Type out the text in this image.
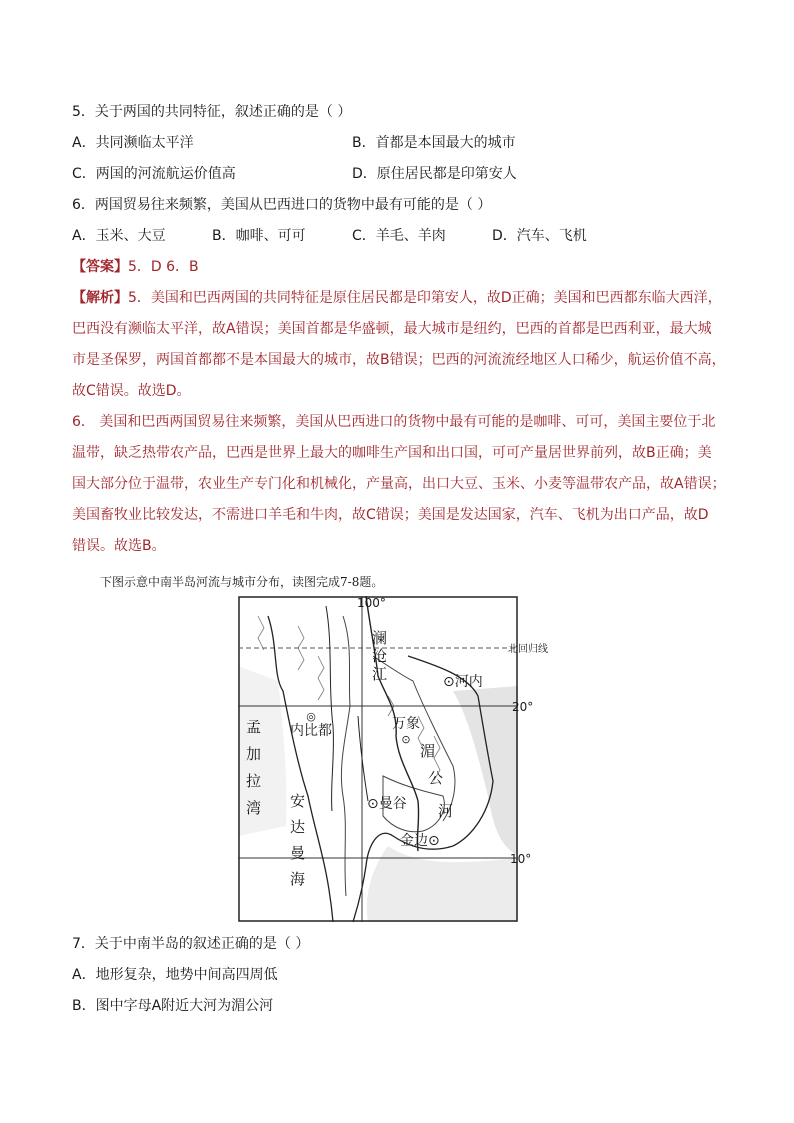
5．关于两国的共同特征，叙述正确的是（ ）
A．共同濒临太平洋	B．首都是本国最大的城市
C．两国的河流航运价值高	D．原住居民都是印第安人
6．两国贸易往来频繁，美国从巴西进口的货物中最有可能的是（ ）
A．玉米、大豆	B．咖啡、可可	C．羊毛、羊肉	D．汽车、飞机
【答案】5．D 6．B
【解析】5．美国和巴西两国的共同特征是原住居民都是印第安人，故D正确；美国和巴西都东临大西洋，
巴西没有濒临太平洋，故A错误；美国首都是华盛顿，最大城市是纽约，巴西的首都是巴西利亚，最大城
市是圣保罗，两国首都都不是本国最大的城市，故B错误；巴西的河流流经地区人口稀少，航运价值不高，
故C错误。故选D。
6． 美国和巴西两国贸易往来频繁，美国从巴西进口的货物中最有可能的是咖啡、可可，美国主要位于北
温带，缺乏热带农产品，巴西是世界上最大的咖啡生产国和出口国，可可产量居世界前列，故B正确；美
国大部分位于温带，农业生产专门化和机械化，产量高，出口大豆、玉米、小麦等温带农产品，故A错误；
美国畜牧业比较发达，不需进口羊毛和牛肉，故C错误；美国是发达国家，汽车、飞机为出口产品，故D
错误。故选B。
下图示意中南半岛河流与城市分布，读图完成7-8题。
100°
20°
10°
北回归线
澜
沧
江	⊙河内
◎
内比都	万象
⊙
湄
公
河
⊙曼谷
金边⊙
孟
加
拉
湾 安
达
曼
海
7．关于中南半岛的叙述正确的是（ ）
A．地形复杂，地势中间高四周低
B．图中字母A附近大河为湄公河
